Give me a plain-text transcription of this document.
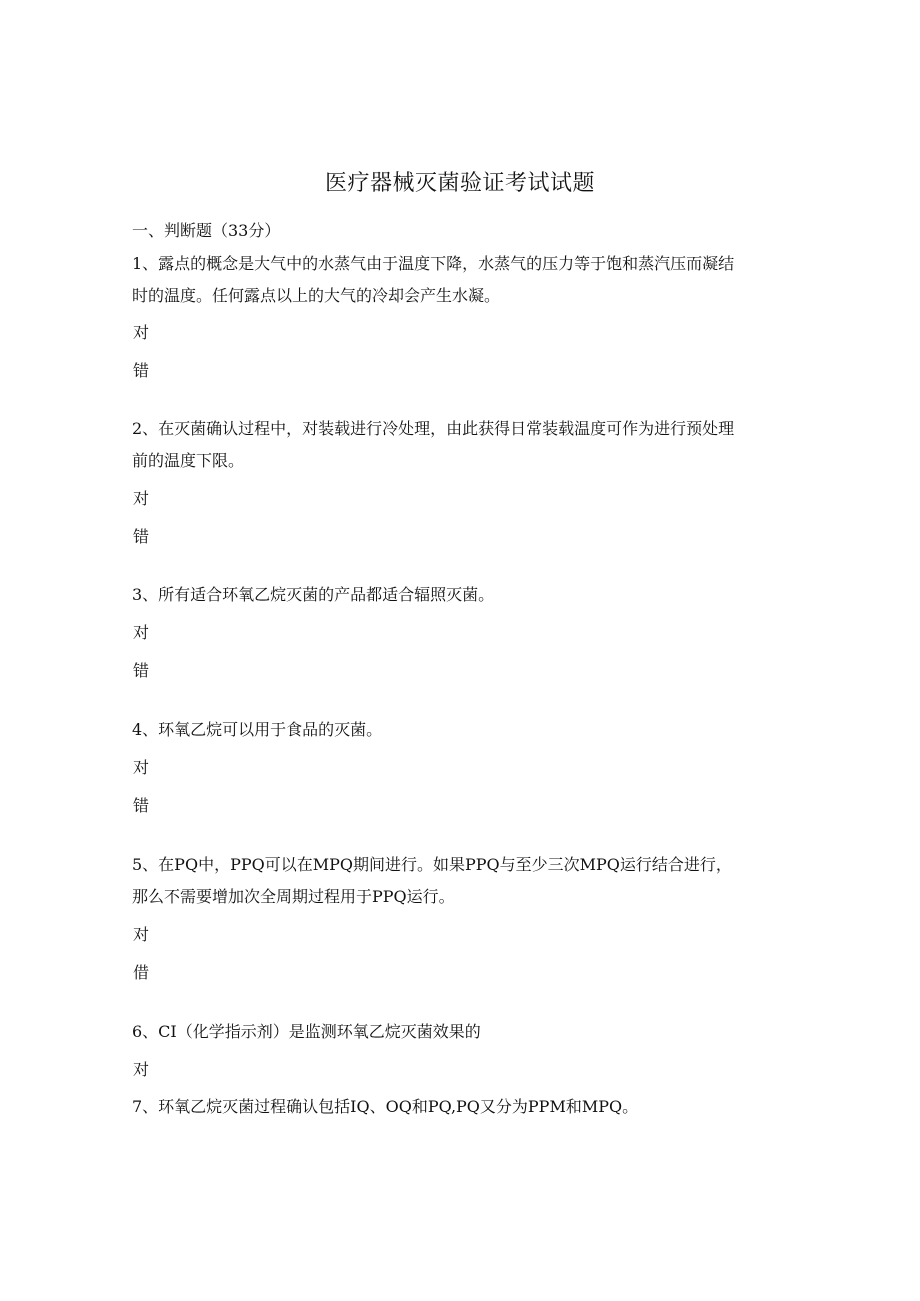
医疗器械灭菌验证考试试题
一、判断题（33分）
1、露点的概念是大气中的水蒸气由于温度下降，水蒸气的压力等于饱和蒸汽压而凝结
时的温度。任何露点以上的大气的冷却会产生水凝。
对
错
2、在灭菌确认过程中，对装载进行冷处理，由此获得日常装载温度可作为进行预处理
前的温度下限。
对
错
3、所有适合环氧乙烷灭菌的产品都适合辐照灭菌。
对
错
4、环氧乙烷可以用于食品的灭菌。
对
错
5、在PQ中，PPQ可以在MPQ期间进行。如果PPQ与至少三次MPQ运行结合进行，
那么不需要增加次全周期过程用于PPQ运行。
对
借
6、CI（化学指示剂）是监测环氧乙烷灭菌效果的
对
7、环氧乙烷灭菌过程确认包括IQ、OQ和PQ,PQ又分为PPM和MPQ。
